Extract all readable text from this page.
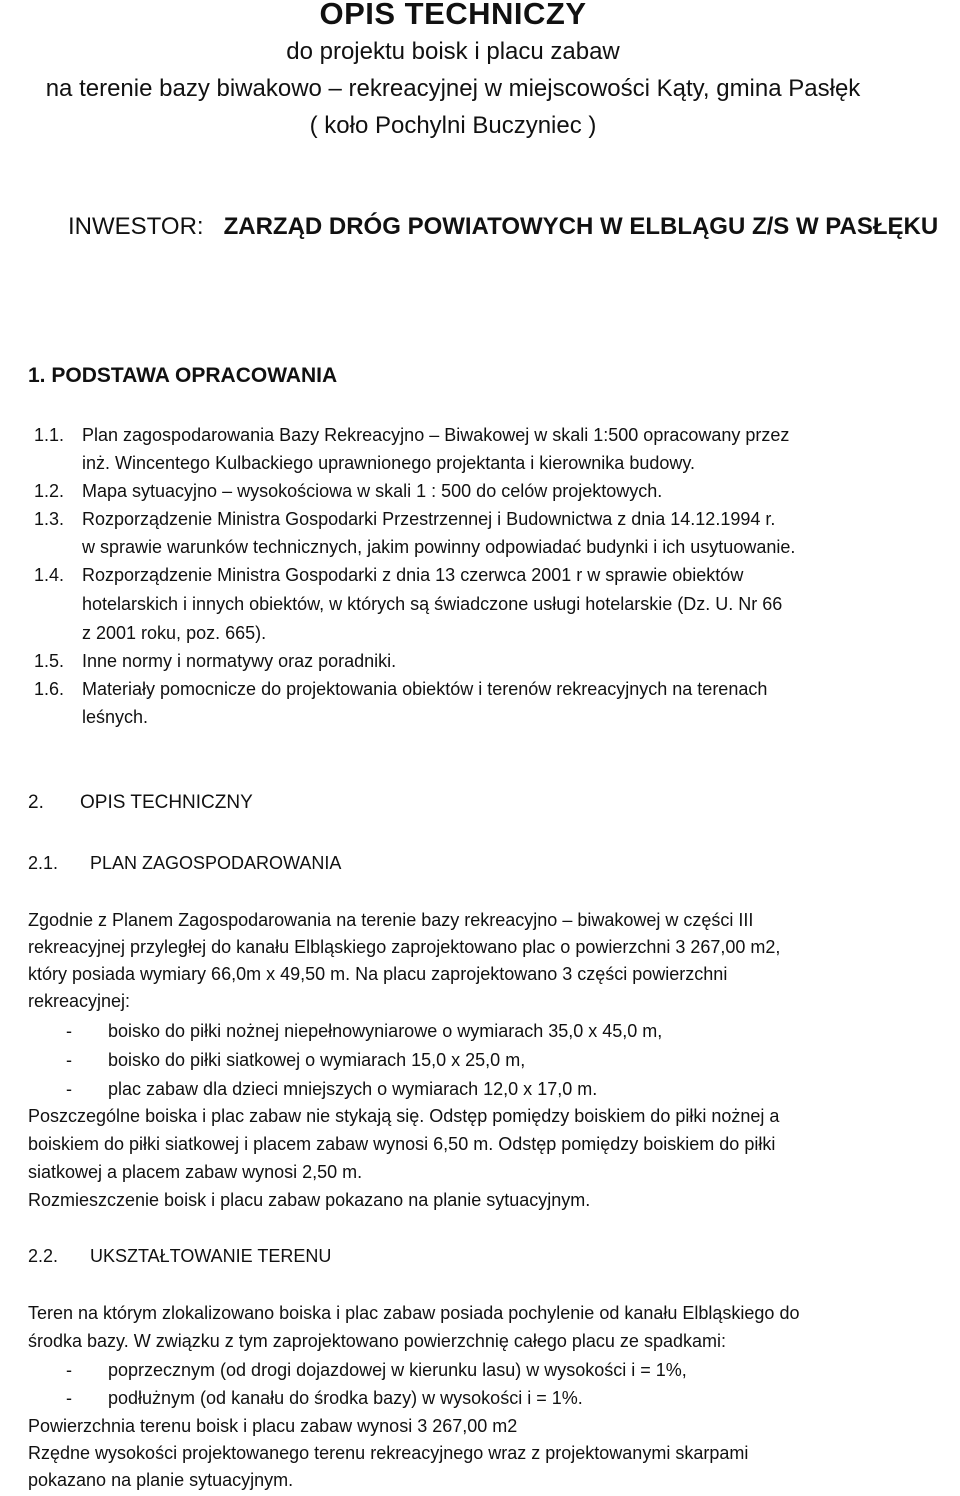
OPIS TECHNICZY
do projektu boisk i placu zabaw
na terenie bazy biwakowo – rekreacyjnej w miejscowości Kąty, gmina Pasłęk
( koło Pochylni Buczyniec )
INWESTOR: ZARZĄD DRÓG POWIATOWYCH W ELBLĄGU Z/S W PASŁĘKU
1. PODSTAWA OPRACOWANIA
1.1. Plan zagospodarowania Bazy Rekreacyjno – Biwakowej w skali 1:500 opracowany przez
inż. Wincentego Kulbackiego uprawnionego projektanta i kierownika budowy.
1.2. Mapa sytuacyjno – wysokościowa w skali 1 : 500 do celów projektowych.
1.3. Rozporządzenie Ministra Gospodarki Przestrzennej i Budownictwa z dnia 14.12.1994 r.
w sprawie warunków technicznych, jakim powinny odpowiadać budynki i ich usytuowanie.
1.4. Rozporządzenie Ministra Gospodarki z dnia 13 czerwca 2001 r w sprawie obiektów
hotelarskich i innych obiektów, w których są świadczone usługi hotelarskie (Dz. U. Nr 66
z 2001 roku, poz. 665).
1.5. Inne normy i normatywy oraz poradniki.
1.6. Materiały pomocnicze do projektowania obiektów i terenów rekreacyjnych na terenach
leśnych.
2. OPIS TECHNICZNY
2.1. PLAN ZAGOSPODAROWANIA
Zgodnie z Planem Zagospodarowania na terenie bazy rekreacyjno – biwakowej w części III
rekreacyjnej przyległej do kanału Elbląskiego zaprojektowano plac o powierzchni 3 267,00 m2,
który posiada wymiary 66,0m x 49,50 m. Na placu zaprojektowano 3 części powierzchni
rekreacyjnej:
- boisko do piłki nożnej niepełnowyniarowe o wymiarach 35,0 x 45,0 m,
- boisko do piłki siatkowej o wymiarach 15,0 x 25,0 m,
- plac zabaw dla dzieci mniejszych o wymiarach 12,0 x 17,0 m.
Poszczególne boiska i plac zabaw nie stykają się. Odstęp pomiędzy boiskiem do piłki nożnej a
boiskiem do piłki siatkowej i placem zabaw wynosi 6,50 m. Odstęp pomiędzy boiskiem do piłki
siatkowej a placem zabaw wynosi 2,50 m.
Rozmieszczenie boisk i placu zabaw pokazano na planie sytuacyjnym.
2.2. UKSZTAŁTOWANIE TERENU
Teren na którym zlokalizowano boiska i plac zabaw posiada pochylenie od kanału Elbląskiego do
środka bazy. W związku z tym zaprojektowano powierzchnię całego placu ze spadkami:
- poprzecznym (od drogi dojazdowej w kierunku lasu) w wysokości i = 1%,
- podłużnym (od kanału do środka bazy) w wysokości i = 1%.
Powierzchnia terenu boisk i placu zabaw wynosi 3 267,00 m2
Rzędne wysokości projektowanego terenu rekreacyjnego wraz z projektowanymi skarpami
pokazano na planie sytuacyjnym.
